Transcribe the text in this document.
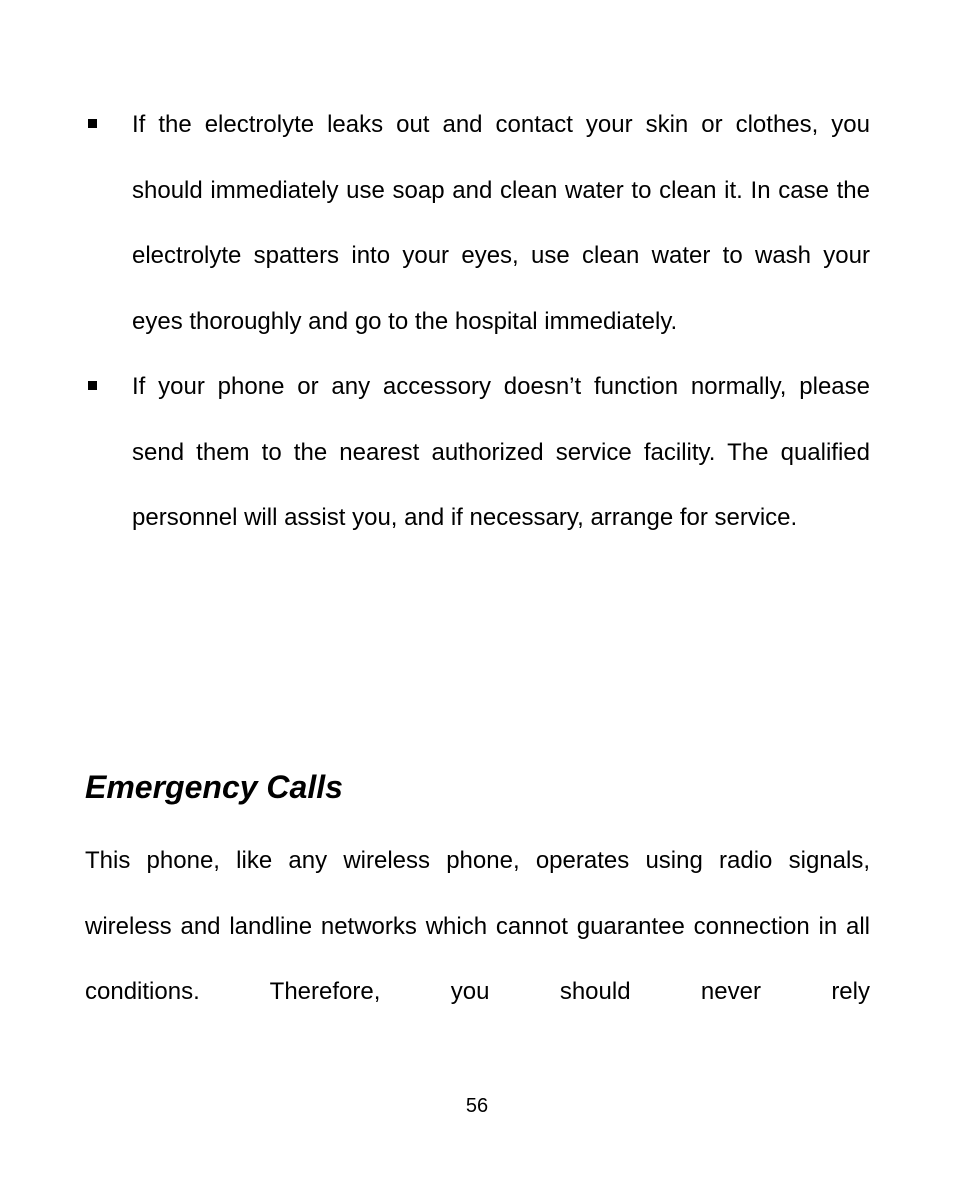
If the electrolyte leaks out and contact your skin or clothes, you should immediately use soap and clean water to clean it. In case the electrolyte spatters into your eyes, use clean water to wash your eyes thoroughly and go to the hospital immediately.
If your phone or any accessory doesn’t function normally, please send them to the nearest authorized service facility. The qualified personnel will assist you, and if necessary, arrange for service.
Emergency Calls

This phone, like any wireless phone, operates using radio signals, wireless and landline networks which cannot guarantee connection in all conditions. Therefore, you should never rely

56
